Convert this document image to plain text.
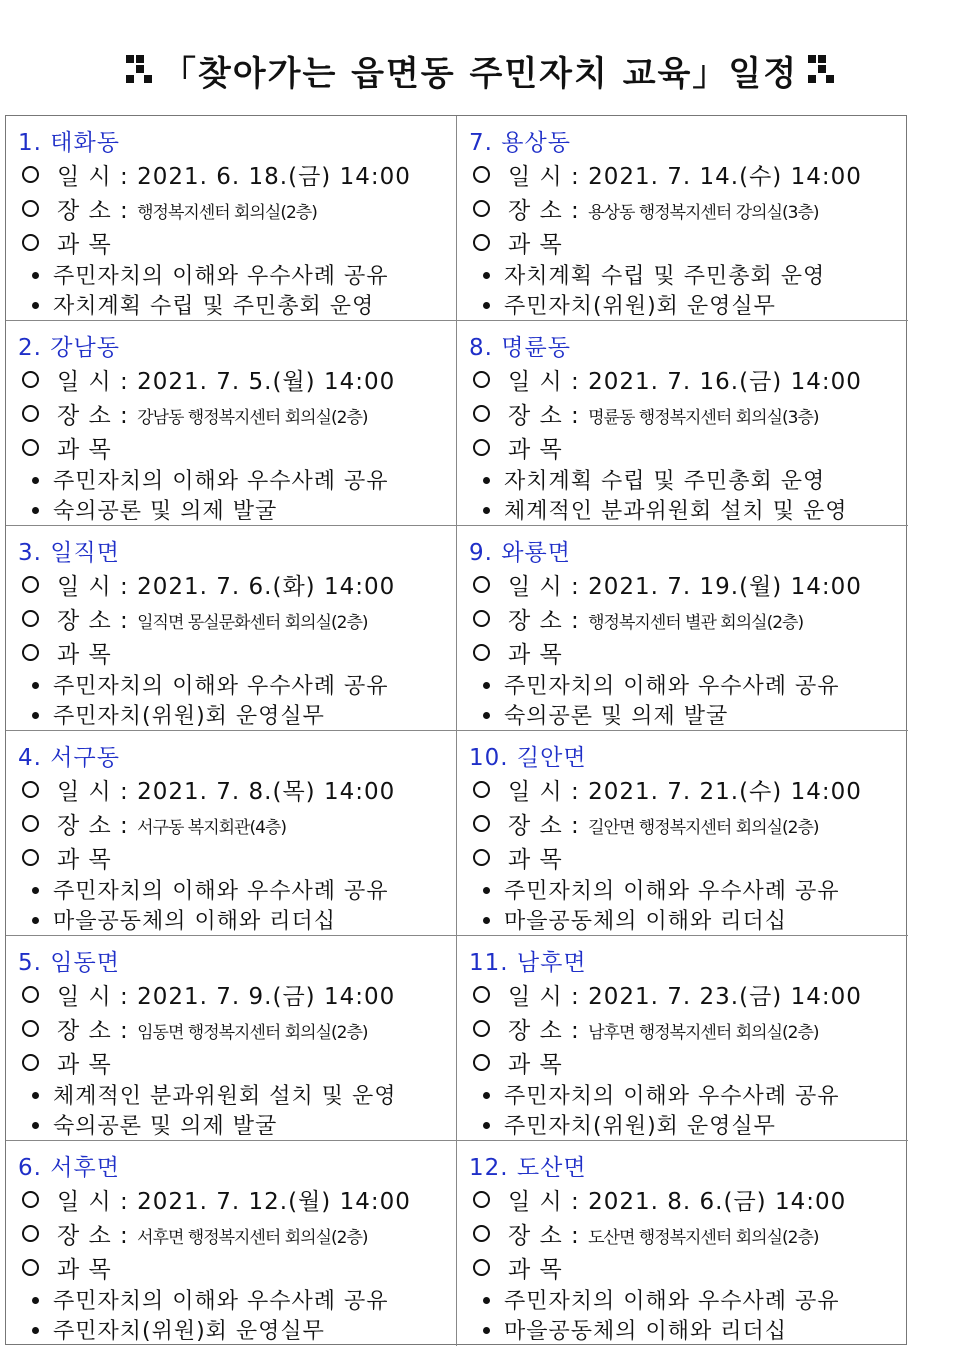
「찾아가는 읍면동 주민자치 교육」일정
1. 태화동
일 시 : 2021. 6. 18.(금) 14:00
장 소 : 행정복지센터 회의실(2층)
과 목
주민자치의 이해와 우수사례 공유
자치계획 수립 및 주민총회 운영
7. 용상동
일 시 : 2021. 7. 14.(수) 14:00
장 소 : 용상동 행정복지센터 강의실(3층)
과 목
자치계획 수립 및 주민총회 운영
주민자치(위원)회 운영실무
2. 강남동
일 시 : 2021. 7. 5.(월) 14:00
장 소 : 강남동 행정복지센터 회의실(2층)
과 목
주민자치의 이해와 우수사례 공유
숙의공론 및 의제 발굴
8. 명륜동
일 시 : 2021. 7. 16.(금) 14:00
장 소 : 명륜동 행정복지센터 회의실(3층)
과 목
자치계획 수립 및 주민총회 운영
체계적인 분과위원회 설치 및 운영
3. 일직면
일 시 : 2021. 7. 6.(화) 14:00
장 소 : 일직면 몽실문화센터 회의실(2층)
과 목
주민자치의 이해와 우수사례 공유
주민자치(위원)회 운영실무
9. 와룡면
일 시 : 2021. 7. 19.(월) 14:00
장 소 : 행정복지센터 별관 회의실(2층)
과 목
주민자치의 이해와 우수사례 공유
숙의공론 및 의제 발굴
4. 서구동
일 시 : 2021. 7. 8.(목) 14:00
장 소 : 서구동 복지회관(4층)
과 목
주민자치의 이해와 우수사례 공유
마을공동체의 이해와 리더십
10. 길안면
일 시 : 2021. 7. 21.(수) 14:00
장 소 : 길안면 행정복지센터 회의실(2층)
과 목
주민자치의 이해와 우수사례 공유
마을공동체의 이해와 리더십
5. 임동면
일 시 : 2021. 7. 9.(금) 14:00
장 소 : 임동면 행정복지센터 회의실(2층)
과 목
체계적인 분과위원회 설치 및 운영
숙의공론 및 의제 발굴
11. 남후면
일 시 : 2021. 7. 23.(금) 14:00
장 소 : 남후면 행정복지센터 회의실(2층)
과 목
주민자치의 이해와 우수사례 공유
주민자치(위원)회 운영실무
6. 서후면
일 시 : 2021. 7. 12.(월) 14:00
장 소 : 서후면 행정복지센터 회의실(2층)
과 목
주민자치의 이해와 우수사례 공유
주민자치(위원)회 운영실무
12. 도산면
일 시 : 2021. 8. 6.(금) 14:00
장 소 : 도산면 행정복지센터 회의실(2층)
과 목
주민자치의 이해와 우수사례 공유
마을공동체의 이해와 리더십
